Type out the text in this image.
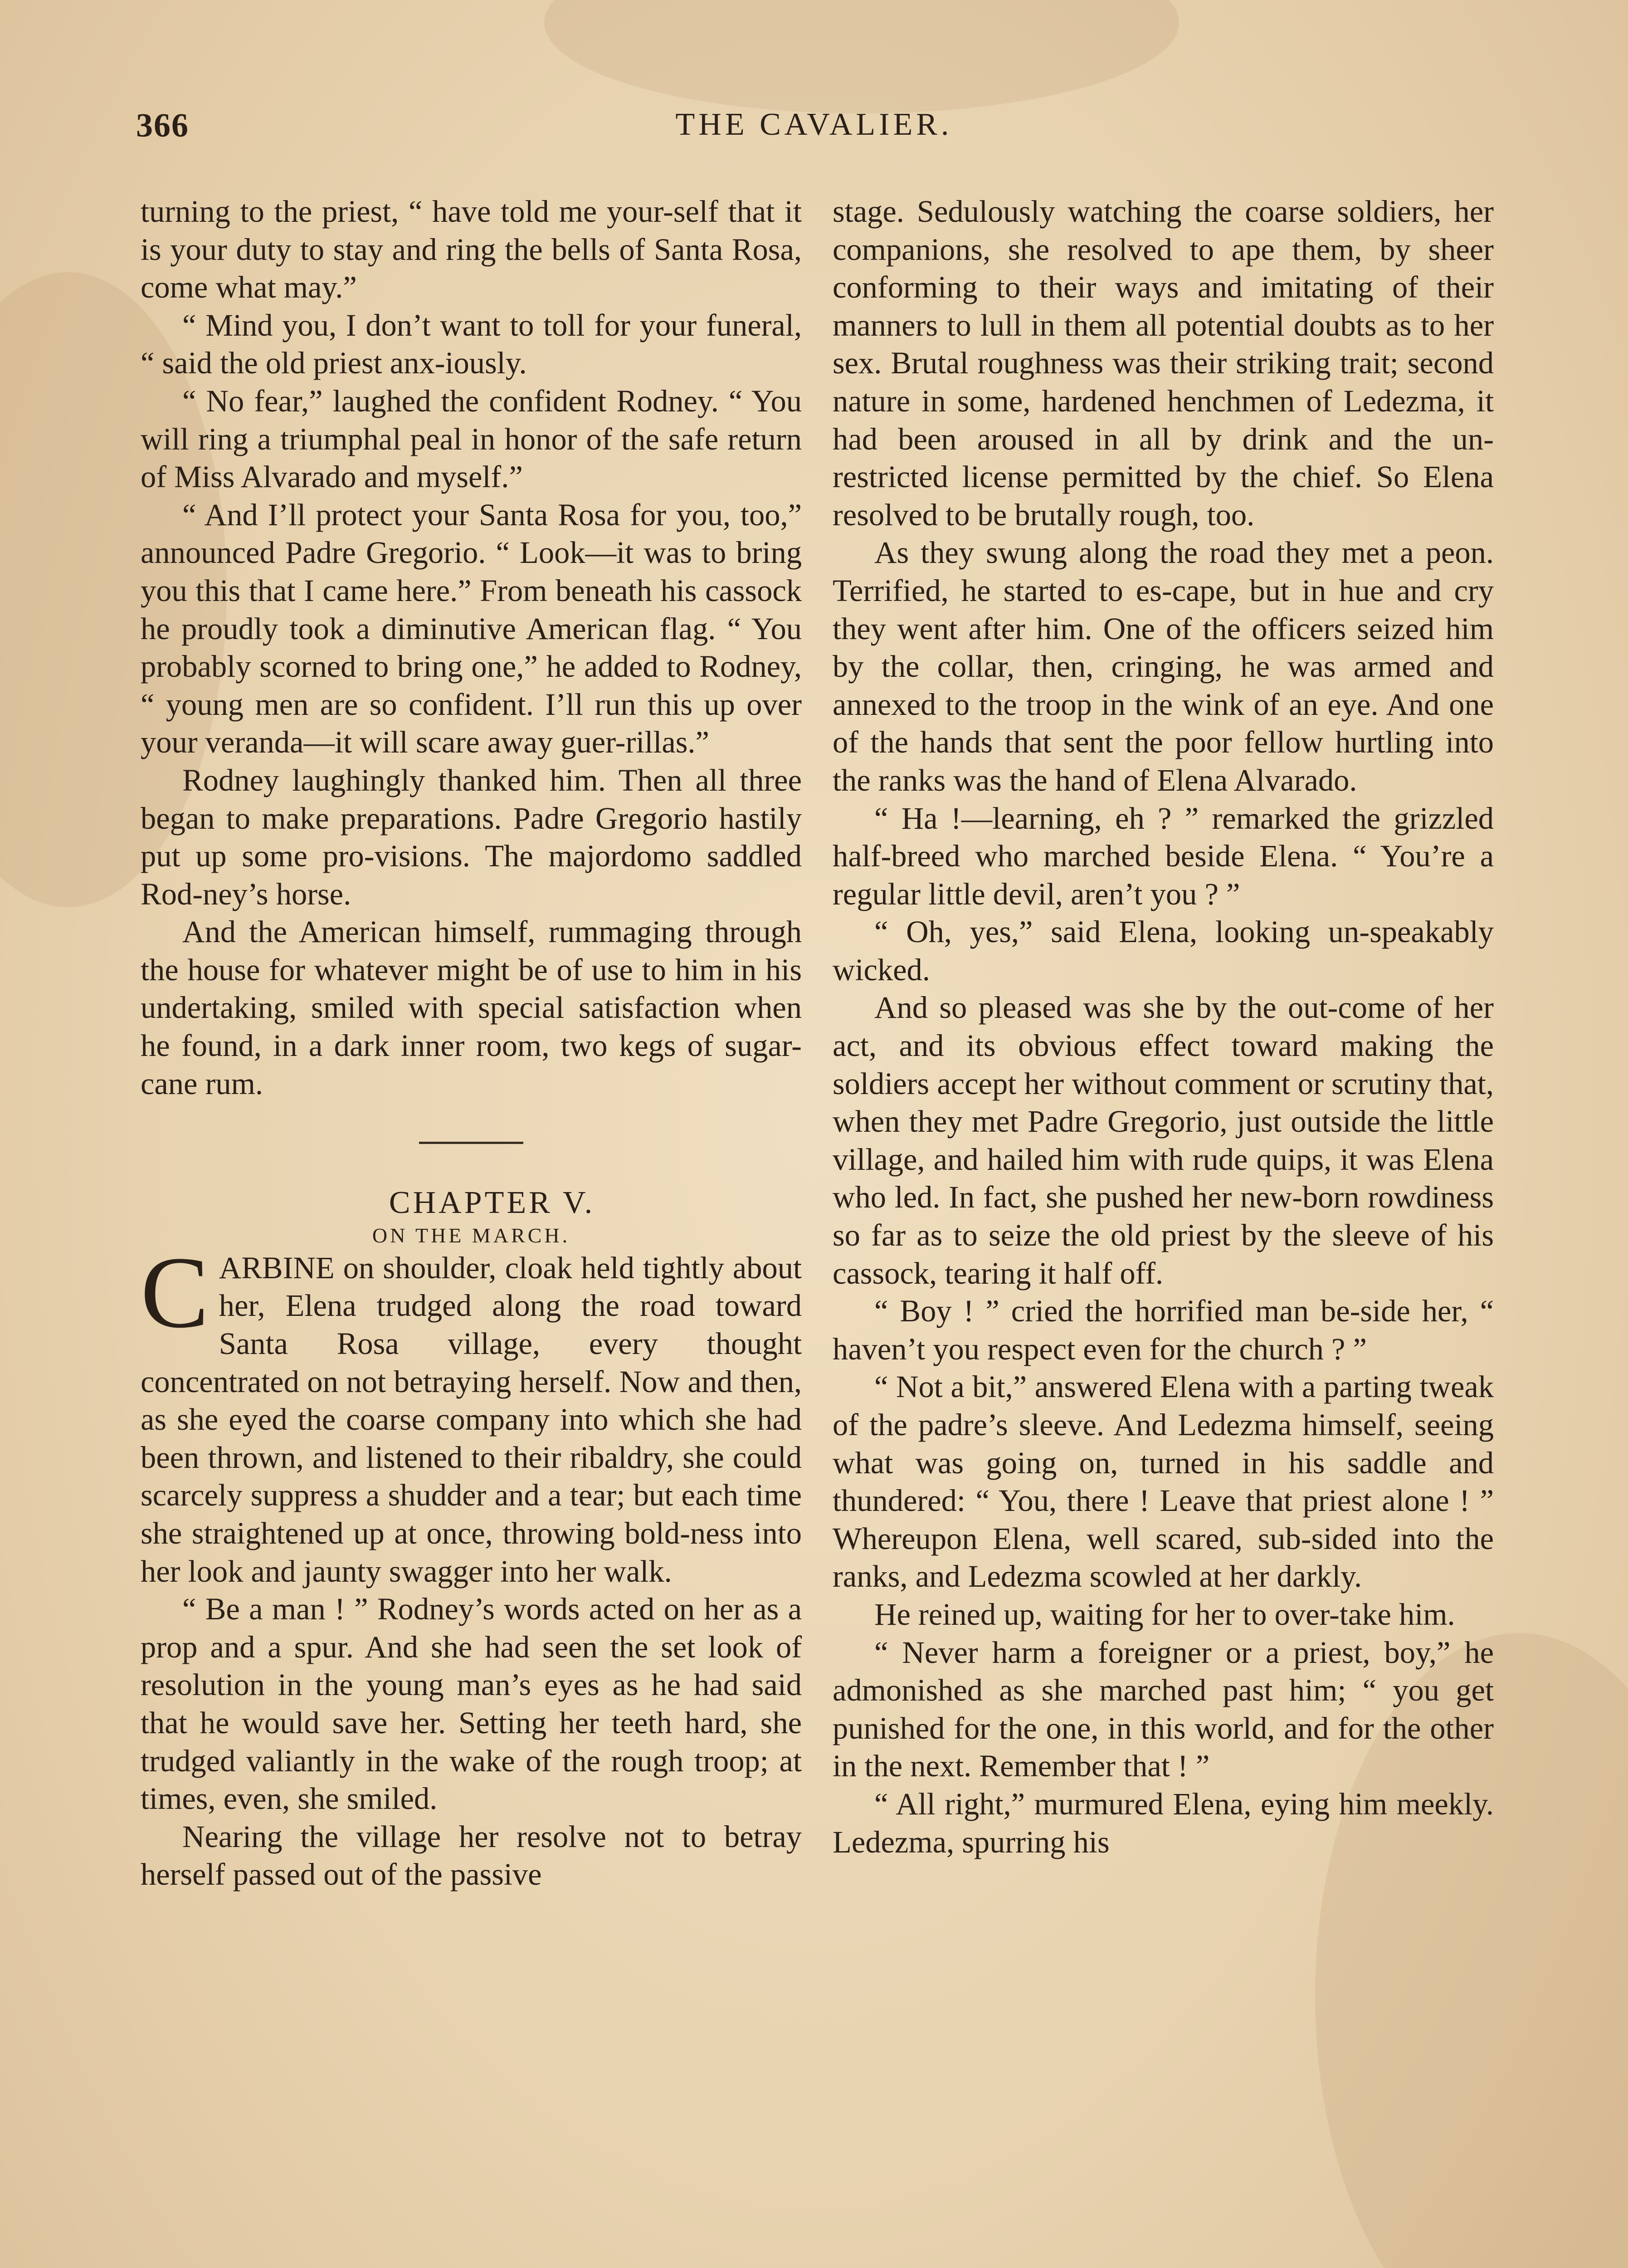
366	THE CAVALIER.

turning to the priest, “ have told me your-self that it is your duty to stay and ring the bells of Santa Rosa, come what may.”

“ Mind you, I don’t want to toll for your funeral, “ said the old priest anx-iously.

“ No fear,” laughed the confident Rodney. “ You will ring a triumphal peal in honor of the safe return of Miss Alvarado and myself.”

“ And I’ll protect your Santa Rosa for you, too,” announced Padre Gregorio. “ Look—it was to bring you this that I came here.” From beneath his cassock he proudly took a diminutive American flag. “ You probably scorned to bring one,” he added to Rodney, “ young men are so confident. I’ll run this up over your veranda—it will scare away guer-rillas.”

Rodney laughingly thanked him. Then all three began to make preparations. Padre Gregorio hastily put up some pro-visions. The majordomo saddled Rod-ney’s horse.

And the American himself, rummaging through the house for whatever might be of use to him in his undertaking, smiled with special satisfaction when he found, in a dark inner room, two kegs of sugar-cane rum.

CHAPTER V.

ON THE MARCH.

CARBINE on shoulder, cloak held tightly about her, Elena trudged along the road toward Santa Rosa village, every thought concentrated on not betraying herself. Now and then, as she eyed the coarse company into which she had been thrown, and listened to their ribaldry, she could scarcely suppress a shudder and a tear; but each time she straightened up at once, throwing bold-ness into her look and jaunty swagger into her walk.

“ Be a man ! ” Rodney’s words acted on her as a prop and a spur. And she had seen the set look of resolution in the young man’s eyes as he had said that he would save her. Setting her teeth hard, she trudged valiantly in the wake of the rough troop; at times, even, she smiled.

Nearing the village her resolve not to betray herself passed out of the passive

stage. Sedulously watching the coarse soldiers, her companions, she resolved to ape them, by sheer conforming to their ways and imitating of their manners to lull in them all potential doubts as to her sex. Brutal roughness was their striking trait; second nature in some, hardened henchmen of Ledezma, it had been aroused in all by drink and the un-restricted license permitted by the chief. So Elena resolved to be brutally rough, too.

As they swung along the road they met a peon. Terrified, he started to es-cape, but in hue and cry they went after him. One of the officers seized him by the collar, then, cringing, he was armed and annexed to the troop in the wink of an eye. And one of the hands that sent the poor fellow hurtling into the ranks was the hand of Elena Alvarado.

“ Ha !—learning, eh ? ” remarked the grizzled half-breed who marched beside Elena. “ You’re a regular little devil, aren’t you ? ”

“ Oh, yes,” said Elena, looking un-speakably wicked.

And so pleased was she by the out-come of her act, and its obvious effect toward making the soldiers accept her without comment or scrutiny that, when they met Padre Gregorio, just outside the little village, and hailed him with rude quips, it was Elena who led. In fact, she pushed her new-born rowdiness so far as to seize the old priest by the sleeve of his cassock, tearing it half off.

“ Boy ! ” cried the horrified man be-side her, “ haven’t you respect even for the church ? ”

“ Not a bit,” answered Elena with a parting tweak of the padre’s sleeve. And Ledezma himself, seeing what was going on, turned in his saddle and thundered: “ You, there ! Leave that priest alone ! ” Whereupon Elena, well scared, sub-sided into the ranks, and Ledezma scowled at her darkly.

He reined up, waiting for her to over-take him.

“ Never harm a foreigner or a priest, boy,” he admonished as she marched past him; “ you get punished for the one, in this world, and for the other in the next. Remember that ! ”

“ All right,” murmured Elena, eying him meekly. Ledezma, spurring his
